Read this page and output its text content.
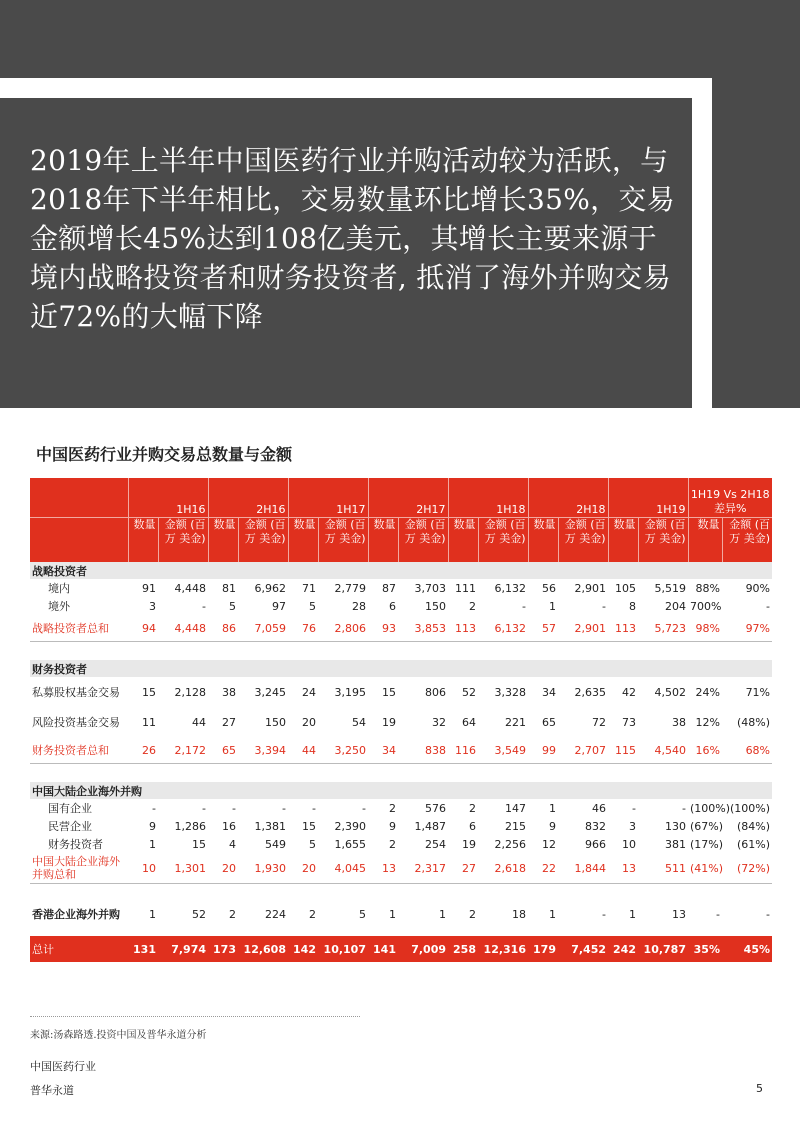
2019年上半年中国医药行业并购活动较为活跃，与2018年下半年相比，交易数量环比增长35%，交易金额增长45%达到108亿美元，其增长主要来源于境内战略投资者和财务投资者, 抵消了海外并购交易近72%的大幅下降

中国医药行业并购交易总数量与金额
	1H16		2H16		1H17		2H17		1H18		2H18		1H19		1H19 Vs 2H18 差异%	
	数量	金额 (百万 美金)	数量	金额 (百万 美金)	数量	金额 (百万 美金)	数量	金额 (百万 美金)	数量	金额 (百万 美金)	数量	金额 (百万 美金)	数量	金额 (百万 美金)	数量	金额 (百万 美金)
战略投资者																
境内	91	4,448	81	6,962	71	2,779	87	3,703	111	6,132	56	2,901	105	5,519	88%	90%
境外	3	-	5	97	5	28	6	150	2	-	1	-	8	204	700%	-
战略投资者总和	94	4,448	86	7,059	76	2,806	93	3,853	113	6,132	57	2,901	113	5,723	98%	97%

财务投资者																
私募股权基金交易	15	2,128	38	3,245	24	3,195	15	806	52	3,328	34	2,635	42	4,502	24%	71%
风险投资基金交易	11	44	27	150	20	54	19	32	64	221	65	72	73	38	12%	(48%)
财务投资者总和	26	2,172	65	3,394	44	3,250	34	838	116	3,549	99	2,707	115	4,540	16%	68%

中国大陆企业海外并购																
国有企业	-	-	-	-	-	-	2	576	2	147	1	46	-	-	(100%)	(100%)
民营企业	9	1,286	16	1,381	15	2,390	9	1,487	6	215	9	832	3	130	(67%)	(84%)
财务投资者	1	15	4	549	5	1,655	2	254	19	2,256	12	966	10	381	(17%)	(61%)
中国大陆企业海外并购总和	10	1,301	20	1,930	20	4,045	13	2,317	27	2,618	22	1,844	13	511	(41%)	(72%)

香港企业海外并购	1	52	2	224	2	5	1	1	2	18	1	-	1	13	-	-
总计	131	7,974	173	12,608	142	10,107	141	7,009	258	12,316	179	7,452	242	10,787	35%	45%
来源:汤森路透.投资中国及普华永道分析
中国医药行业
普华永道	5
